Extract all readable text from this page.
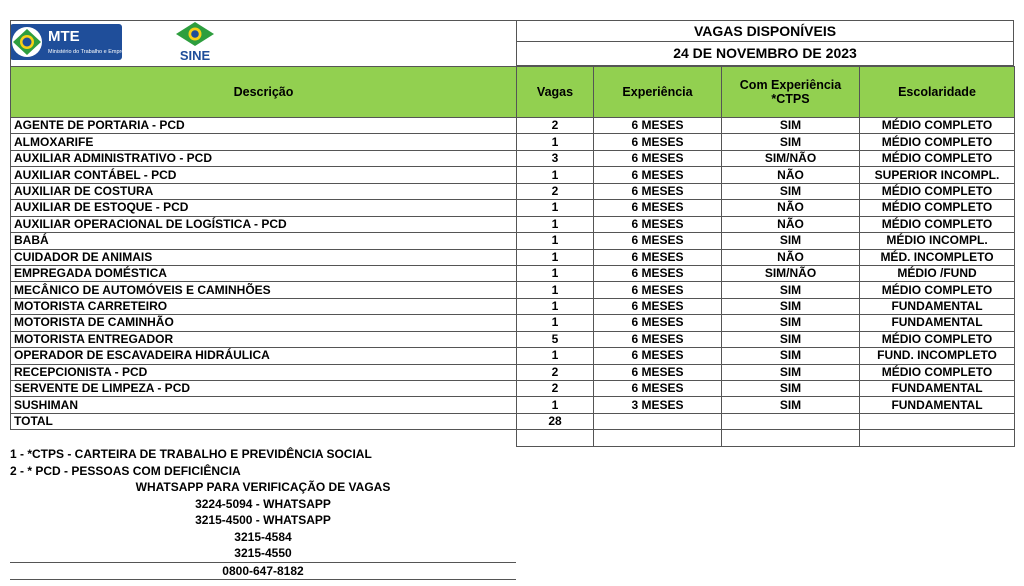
MTE
Ministério do Trabalho e Emprego	SINE
VAGAS DISPONÍVEIS
24 DE NOVEMBRO DE 2023
Descrição	Vagas	Experiência	Com Experiência *CTPS	Escolaridade
AGENTE DE PORTARIA - PCD	2	6 MESES	SIM	MÉDIO COMPLETO
ALMOXARIFE	1	6 MESES	SIM	MÉDIO COMPLETO
AUXILIAR ADMINISTRATIVO - PCD	3	6 MESES	SIM/NÃO	MÉDIO COMPLETO
AUXILIAR CONTÁBEL - PCD	1	6 MESES	NÃO	SUPERIOR INCOMPL.
AUXILIAR DE COSTURA	2	6 MESES	SIM	MÉDIO COMPLETO
AUXILIAR DE ESTOQUE - PCD	1	6 MESES	NÃO	MÉDIO COMPLETO
AUXILIAR OPERACIONAL DE LOGÍSTICA - PCD	1	6 MESES	NÃO	MÉDIO COMPLETO
BABÁ	1	6 MESES	SIM	MÉDIO INCOMPL.
CUIDADOR DE ANIMAIS	1	6 MESES	NÃO	MÉD. INCOMPLETO
EMPREGADA DOMÉSTICA	1	6 MESES	SIM/NÃO	MÉDIO /FUND
MECÂNICO DE AUTOMÓVEIS E CAMINHÕES	1	6 MESES	SIM	MÉDIO COMPLETO
MOTORISTA CARRETEIRO	1	6 MESES	SIM	FUNDAMENTAL
MOTORISTA DE CAMINHÃO	1	6 MESES	SIM	FUNDAMENTAL
MOTORISTA ENTREGADOR	5	6 MESES	SIM	MÉDIO COMPLETO
OPERADOR DE ESCAVADEIRA HIDRÁULICA	1	6 MESES	SIM	FUND. INCOMPLETO
RECEPCIONISTA - PCD	2	6 MESES	SIM	MÉDIO COMPLETO
SERVENTE DE LIMPEZA - PCD	2	6 MESES	SIM	FUNDAMENTAL
SUSHIMAN	1	3 MESES	SIM	FUNDAMENTAL
TOTAL	28			

1 - *CTPS - CARTEIRA DE TRABALHO E PREVIDÊNCIA SOCIAL
2 - * PCD - PESSOAS COM DEFICIÊNCIA
WHATSAPP PARA VERIFICAÇÃO DE VAGAS
3224-5094 - WHATSAPP
3215-4500 - WHATSAPP
3215-4584
3215-4550
0800-647-8182
